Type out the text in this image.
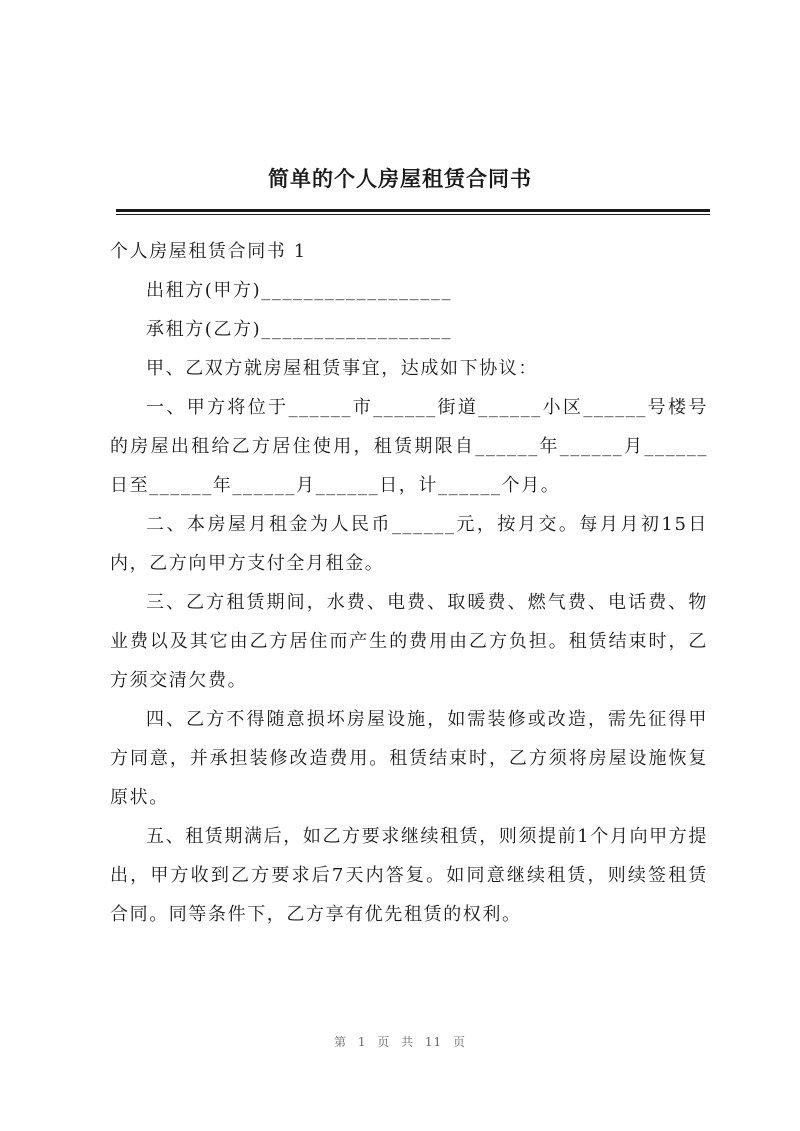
简单的个人房屋租赁合同书

个人房屋租赁合同书 1

出租方(甲方)__________________

承租方(乙方)__________________

甲、乙双方就房屋租赁事宜，达成如下协议：

一、甲方将位于______市______街道______小区______号楼号的房屋出租给乙方居住使用，租赁期限自______年______月______日至______年______月______日，计______个月。

二、本房屋月租金为人民币______元，按月交。每月月初15日内，乙方向甲方支付全月租金。

三、乙方租赁期间，水费、电费、取暖费、燃气费、电话费、物业费以及其它由乙方居住而产生的费用由乙方负担。租赁结束时，乙方须交清欠费。

四、乙方不得随意损坏房屋设施，如需装修或改造，需先征得甲方同意，并承担装修改造费用。租赁结束时，乙方须将房屋设施恢复原状。

五、租赁期满后，如乙方要求继续租赁，则须提前1个月向甲方提出，甲方收到乙方要求后7天内答复。如同意继续租赁，则续签租赁合同。同等条件下，乙方享有优先租赁的权利。

第 1 页 共 11 页
